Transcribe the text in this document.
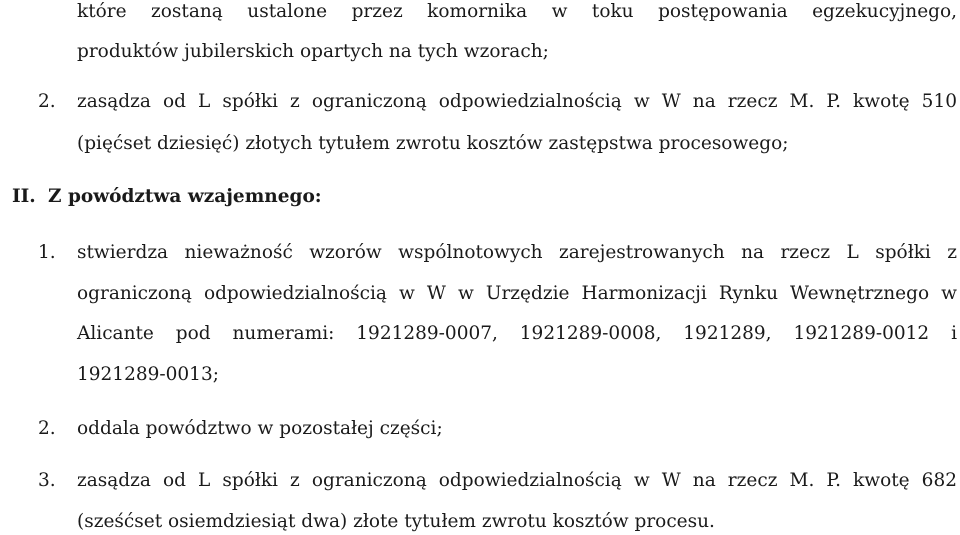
które zostaną ustalone przez komornika w toku postępowania egzekucyjnego,
produktów jubilerskich opartych na tych wzorach;
2. zasądza od L spółki z ograniczoną odpowiedzialnością w W na rzecz M. P. kwotę 510
(pięćset dziesięć) złotych tytułem zwrotu kosztów zastępstwa procesowego;
II. Z powództwa wzajemnego:
1. stwierdza nieważność wzorów wspólnotowych zarejestrowanych na rzecz L spółki z
ograniczoną odpowiedzialnością w W w Urzędzie Harmonizacji Rynku Wewnętrznego w
Alicante pod numerami: 1921289-0007, 1921289-0008, 1921289, 1921289-0012 i
1921289-0013;
2. oddala powództwo w pozostałej części;
3. zasądza od L spółki z ograniczoną odpowiedzialnością w W na rzecz M. P. kwotę 682
(sześćset osiemdziesiąt dwa) złote tytułem zwrotu kosztów procesu.
